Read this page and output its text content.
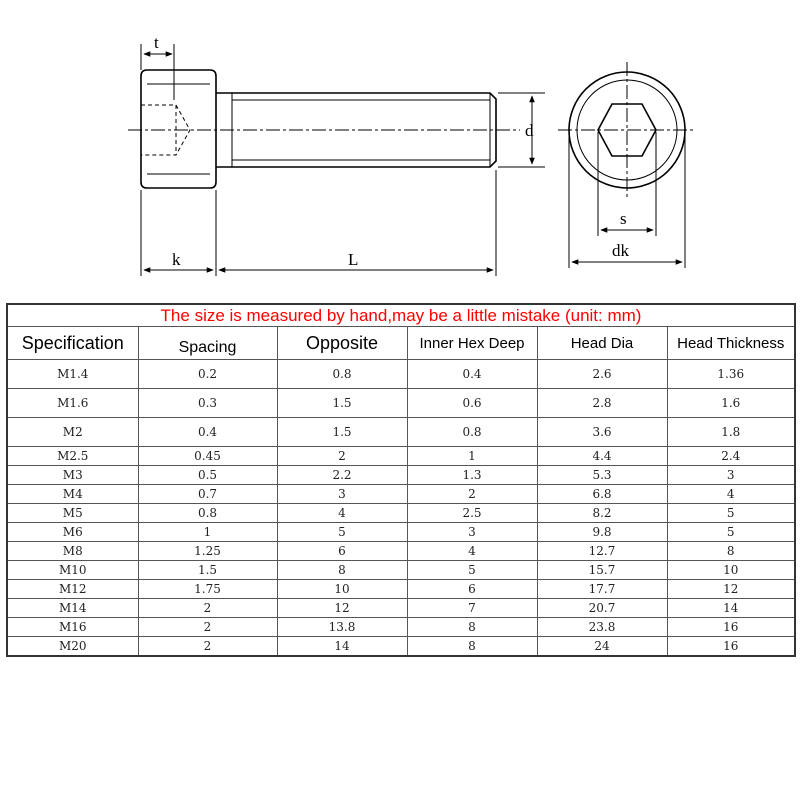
t
d
k	L
s
dk
The size is measured by hand,may be a little mistake (unit: mm)					
Specification	Spacing	Opposite	Inner Hex Deep	Head Dia	Head Thickness
M1.4	0.2	0.8	0.4	2.6	1.36
M1.6	0.3	1.5	0.6	2.8	1.6
M2	0.4	1.5	0.8	3.6	1.8
M2.5	0.45	2	1	4.4	2.4
M3	0.5	2.2	1.3	5.3	3
M4	0.7	3	2	6.8	4
M5	0.8	4	2.5	8.2	5
M6	1	5	3	9.8	5
M8	1.25	6	4	12.7	8
M10	1.5	8	5	15.7	10
M12	1.75	10	6	17.7	12
M14	2	12	7	20.7	14
M16	2	13.8	8	23.8	16
M20	2	14	8	24	16
